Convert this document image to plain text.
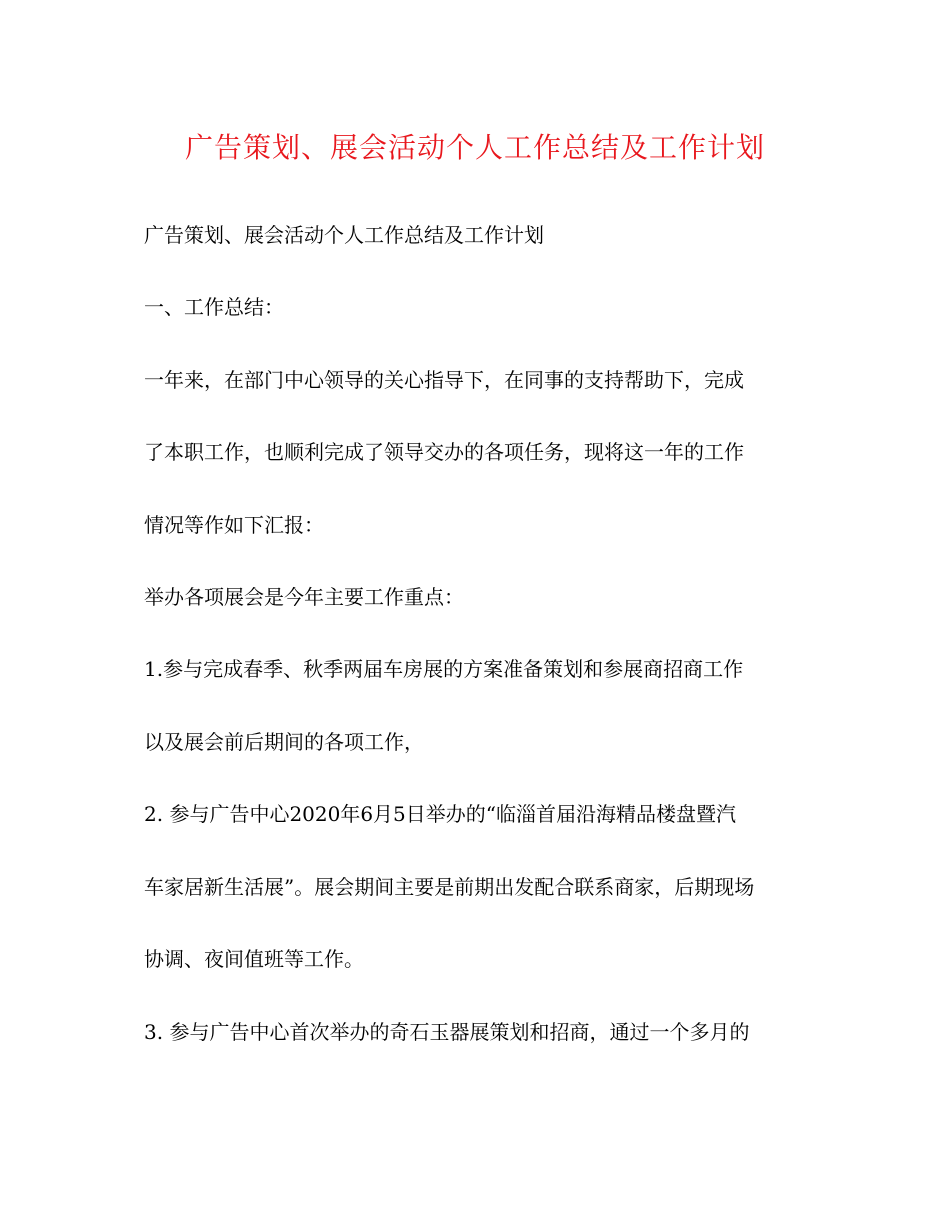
广告策划、展会活动个人工作总结及工作计划
广告策划、展会活动个人工作总结及工作计划
一、工作总结：
一年来，在部门中心领导的关心指导下，在同事的支持帮助下，完成
了本职工作，也顺利完成了领导交办的各项任务，现将这一年的工作
情况等作如下汇报：
举办各项展会是今年主要工作重点：
1.参与完成春季、秋季两届车房展的方案准备策划和参展商招商工作
以及展会前后期间的各项工作，
2. 参与广告中心2020年6月5日举办的“临淄首届沿海精品楼盘暨汽
车家居新生活展”。展会期间主要是前期出发配合联系商家，后期现场
协调、夜间值班等工作。
3. 参与广告中心首次举办的奇石玉器展策划和招商，通过一个多月的
